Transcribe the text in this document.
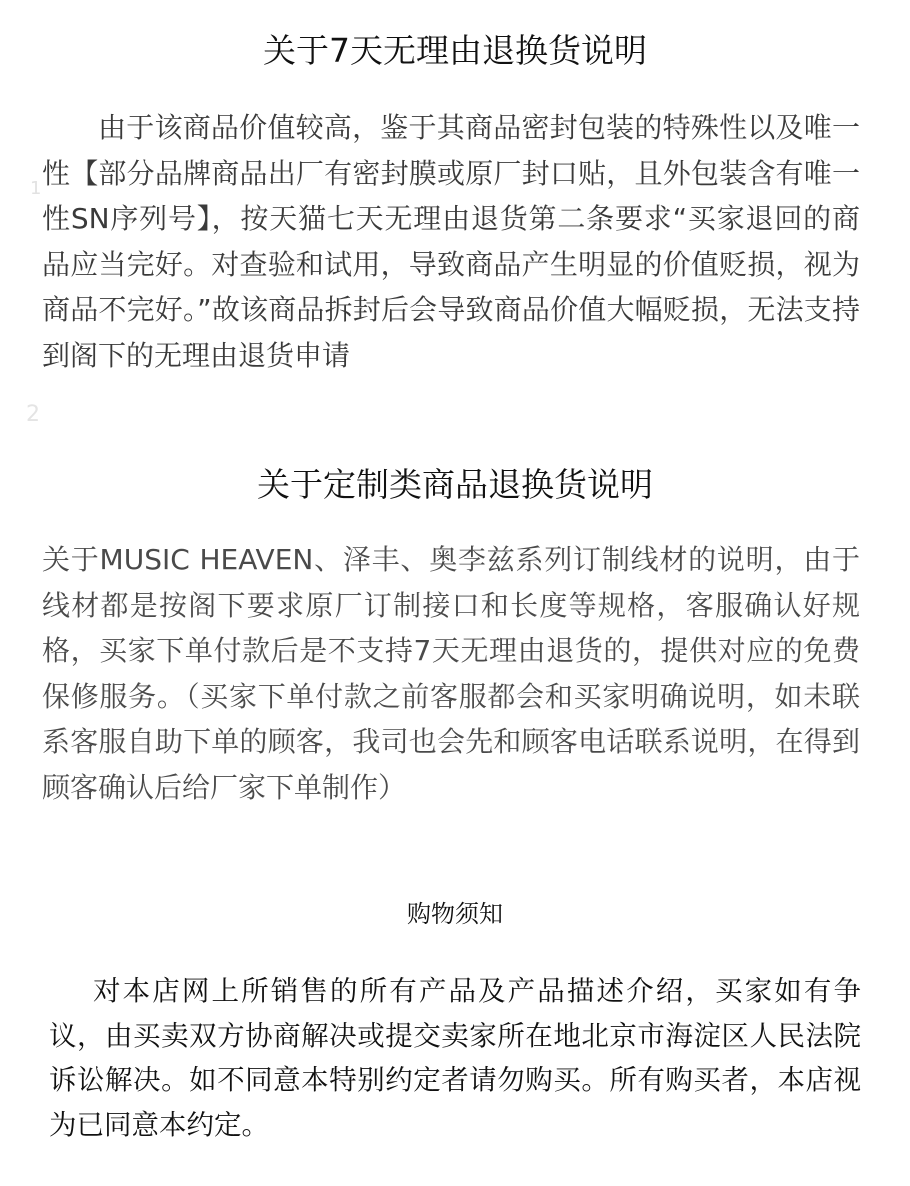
关于7天无理由退换货说明

由于该商品价值较高，鉴于其商品密封包装的特殊性以及唯一性【部分品牌商品出厂有密封膜或原厂封口贴，且外包装含有唯一性SN序列号】，按天猫七天无理由退货第二条要求“买家退回的商品应当完好。对查验和试用，导致商品产生明显的价值贬损，视为商品不完好。”故该商品拆封后会导致商品价值大幅贬损，无法支持到阁下的无理由退货申请

1
2
关于定制类商品退换货说明

关于MUSIC HEAVEN、泽丰、奥李兹系列订制线材的说明，由于线材都是按阁下要求原厂订制接口和长度等规格，客服确认好规格，买家下单付款后是不支持7天无理由退货的，提供对应的免费保修服务。（买家下单付款之前客服都会和买家明确说明，如未联系客服自助下单的顾客，我司也会先和顾客电话联系说明，在得到顾客确认后给厂家下单制作）

购物须知

对本店网上所销售的所有产品及产品描述介绍，买家如有争议，由买卖双方协商解决或提交卖家所在地北京市海淀区人民法院诉讼解决。如不同意本特别约定者请勿购买。所有购买者，本店视为已同意本约定。
